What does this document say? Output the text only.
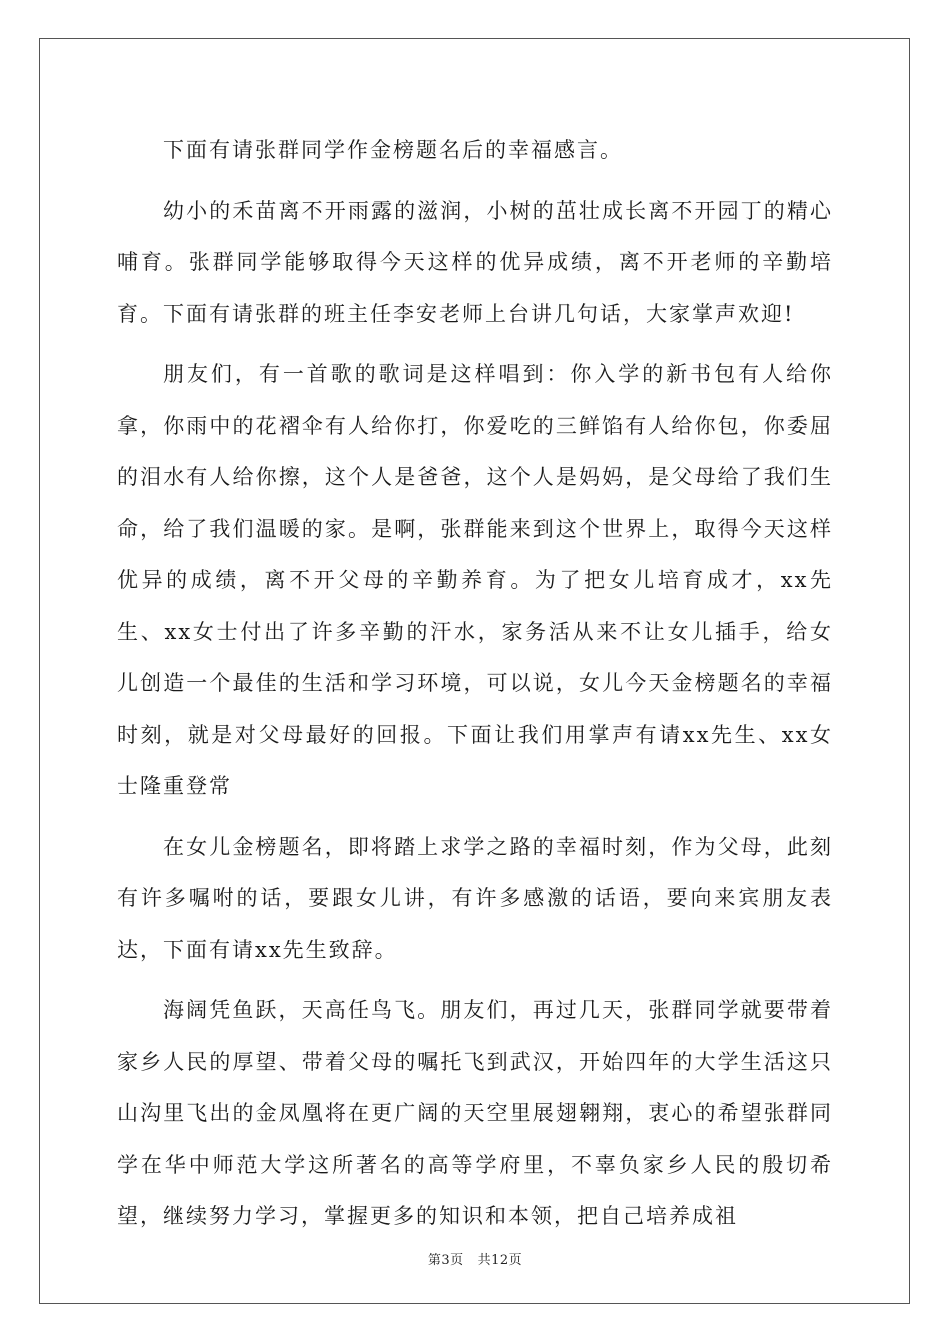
下面有请张群同学作金榜题名后的幸福感言。

幼小的禾苗离不开雨露的滋润，小树的茁壮成长离不开园丁的精心哺育。张群同学能够取得今天这样的优异成绩，离不开老师的辛勤培育。下面有请张群的班主任李安老师上台讲几句话，大家掌声欢迎!

朋友们，有一首歌的歌词是这样唱到：你入学的新书包有人给你拿，你雨中的花褶伞有人给你打，你爱吃的三鲜馅有人给你包，你委屈的泪水有人给你擦，这个人是爸爸，这个人是妈妈，是父母给了我们生命，给了我们温暖的家。是啊，张群能来到这个世界上，取得今天这样优异的成绩，离不开父母的辛勤养育。为了把女儿培育成才，xx先生、xx女士付出了许多辛勤的汗水，家务活从来不让女儿插手，给女儿创造一个最佳的生活和学习环境，可以说，女儿今天金榜题名的幸福时刻，就是对父母最好的回报。下面让我们用掌声有请xx先生、xx女士隆重登常

在女儿金榜题名，即将踏上求学之路的幸福时刻，作为父母，此刻有许多嘱咐的话，要跟女儿讲，有许多感激的话语，要向来宾朋友表达，下面有请xx先生致辞。

海阔凭鱼跃，天高任鸟飞。朋友们，再过几天，张群同学就要带着家乡人民的厚望、带着父母的嘱托飞到武汉，开始四年的大学生活这只山沟里飞出的金凤凰将在更广阔的天空里展翅翱翔，衷心的希望张群同学在华中师范大学这所著名的高等学府里，不辜负家乡人民的殷切希望，继续努力学习，掌握更多的知识和本领，把自己培养成祖

第3页 共12页
